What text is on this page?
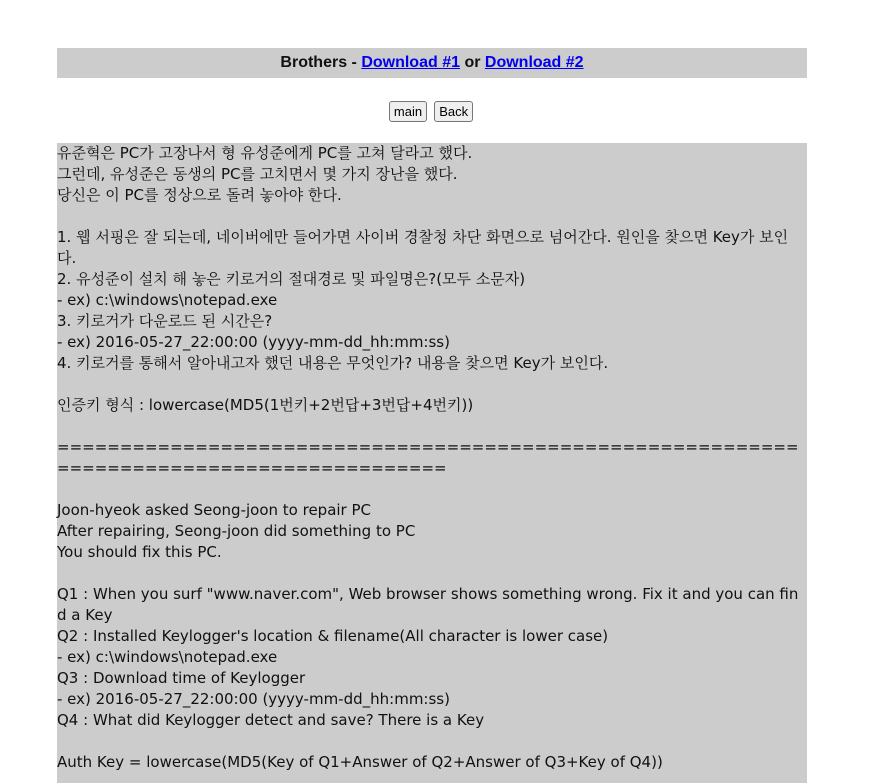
Brothers - Download #1 or Download #2
main Back
유준혁은 PC가 고장나서 형 유성준에게 PC를 고쳐 달라고 했다.
그런데, 유성준은 동생의 PC를 고치면서 몇 가지 장난을 했다.
당신은 이 PC를 정상으로 돌려 놓아야 한다.
1. 웹 서핑은 잘 되는데, 네이버에만 들어가면 사이버 경찰청 차단 화면으로 넘어간다. 원인을 찾으면 Key가 보인다.
2. 유성준이 설치 해 놓은 키로거의 절대경로 및 파일명은?(모두 소문자)
- ex) c:\windows\notepad.exe
3. 키로거가 다운로드 된 시간은?
- ex) 2016-05-27_22:00:00 (yyyy-mm-dd_hh:mm:ss)
4. 키로거를 통해서 알아내고자 했던 내용은 무엇인가? 내용을 찾으면 Key가 보인다.
인증키 형식 : lowercase(MD5(1번키+2번답+3번답+4번키))
==========================================================================================
Joon-hyeok asked Seong-joon to repair PC
After repairing, Seong-joon did something to PC
You should fix this PC.
Q1 : When you surf "www.naver.com", Web browser shows something wrong. Fix it and you can find a Key
Q2 : Installed Keylogger's location & filename(All character is lower case)
- ex) c:\windows\notepad.exe
Q3 : Download time of Keylogger
- ex) 2016-05-27_22:00:00 (yyyy-mm-dd_hh:mm:ss)
Q4 : What did Keylogger detect and save? There is a Key
Auth Key = lowercase(MD5(Key of Q1+Answer of Q2+Answer of Q3+Key of Q4))
